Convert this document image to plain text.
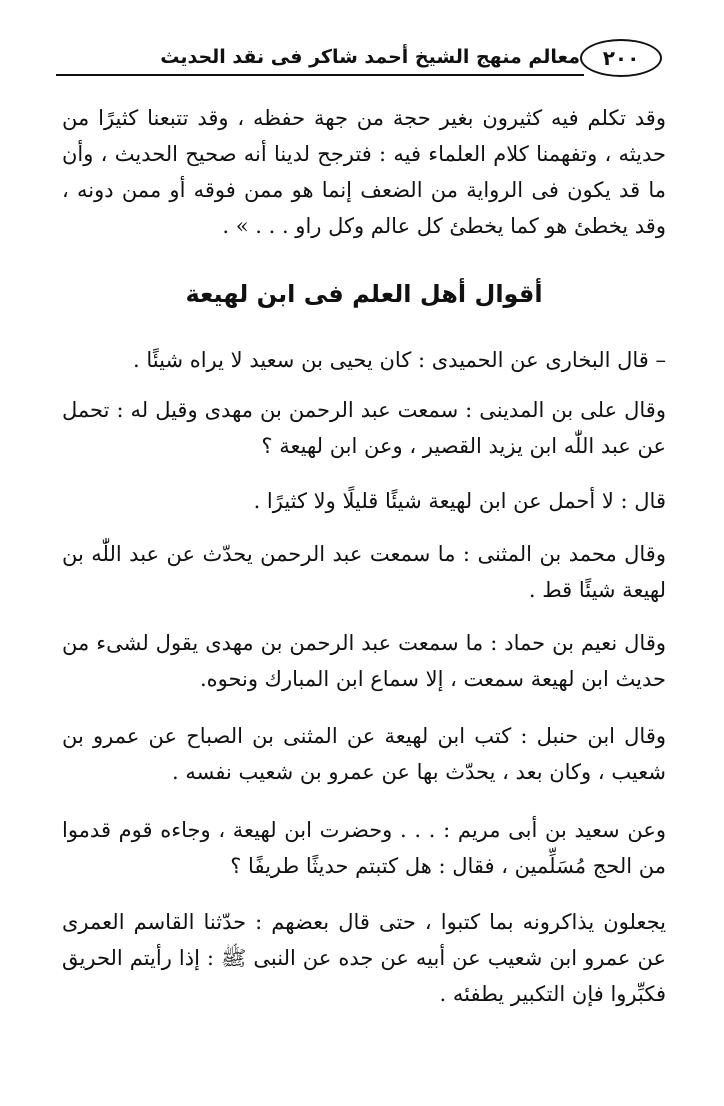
٢٠٠
معالم منهج الشيخ أحمد شاكر فى نقد الحديث

وقد تكلم فيه كثيرون بغير حجة من جهة حفظه ، وقد تتبعنا كثيرًا من حديثه ، وتفهمنا كلام العلماء فيه : فترجح لدينا أنه صحيح الحديث ، وأن ما قد يكون فى الرواية من الضعف إنما هو ممن فوقه أو ممن دونه ، وقد يخطئ هو كما يخطئ كل عالم وكل راو . . . » .

أقوال أهل العلم فى ابن لهيعة

– قال البخارى عن الحميدى : كان يحيى بن سعيد لا يراه شيئًا .

وقال على بن المدينى : سمعت عبد الرحمن بن مهدى وقيل له : تحمل عن عبد اللّٰه ابن يزيد القصير ، وعن ابن لهيعة ؟

قال : لا أحمل عن ابن لهيعة شيئًا قليلًا ولا كثيرًا .

وقال محمد بن المثنى : ما سمعت عبد الرحمن يحدّث عن عبد اللّٰه بن لهيعة شيئًا قط .

وقال نعيم بن حماد : ما سمعت عبد الرحمن بن مهدى يقول لشىء من حديث ابن لهيعة سمعت ، إلا سماع ابن المبارك ونحوه.

وقال ابن حنبل : كتب ابن لهيعة عن المثنى بن الصباح عن عمرو بن شعيب ، وكان بعد ، يحدّث بها عن عمرو بن شعيب نفسه .

وعن سعيد بن أبى مريم : . . . وحضرت ابن لهيعة ، وجاءه قوم قدموا من الحج مُسَلِّمين ، فقال : هل كتبتم حديثًا طريفًا ؟

يجعلون يذاكرونه بما كتبوا ، حتى قال بعضهم : حدّثنا القاسم العمرى عن عمرو ابن شعيب عن أبيه عن جده عن النبى ﷺ : إذا رأيتم الحريق فكبِّروا فإن التكبير يطفئه .
